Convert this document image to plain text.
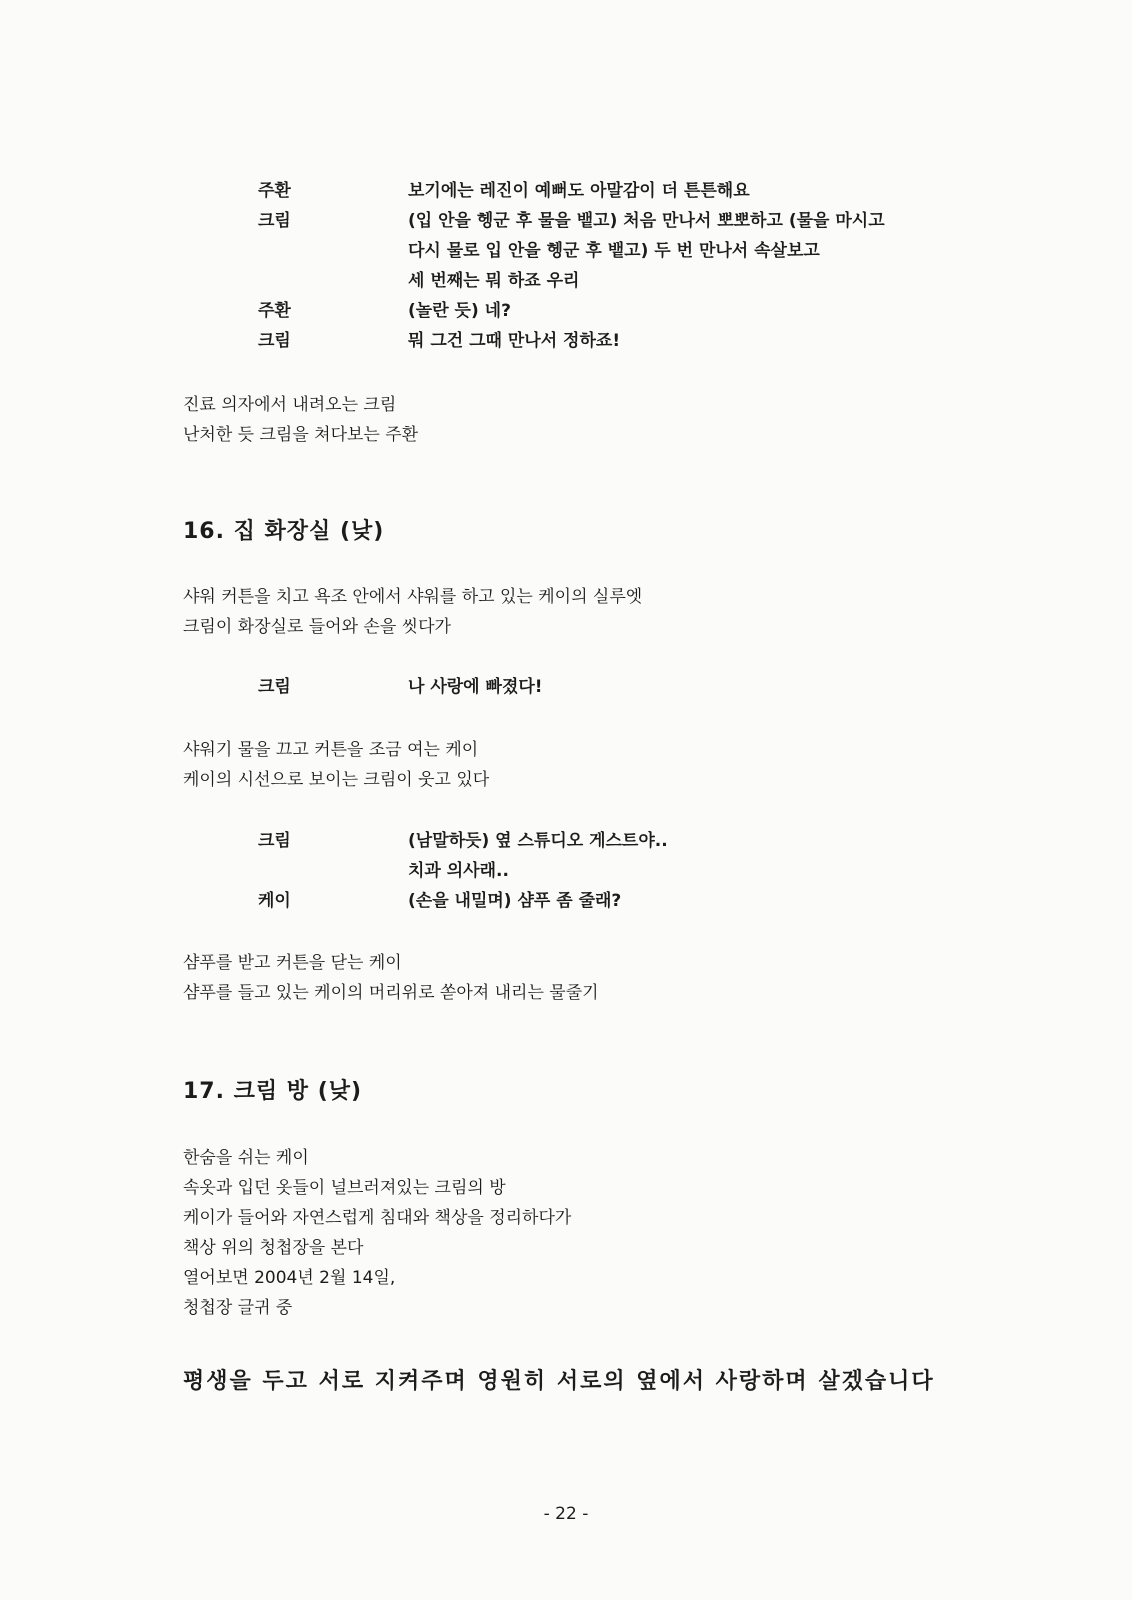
주환	보기에는 레진이 예뻐도 아말감이 더 튼튼해요
크림	(입 안을 헹군 후 물을 뱉고) 처음 만나서 뽀뽀하고 (물을 마시고
다시 물로 입 안을 헹군 후 뱉고) 두 번 만나서 속살보고
세 번째는 뭐 하죠 우리
주환	(놀란 듯) 네?
크림	뭐 그건 그때 만나서 정하죠!
진료 의자에서 내려오는 크림
난처한 듯 크림을 쳐다보는 주환
16. 집 화장실 (낮)
샤워 커튼을 치고 욕조 안에서 샤워를 하고 있는 케이의 실루엣
크림이 화장실로 들어와 손을 씻다가
크림	나 사랑에 빠졌다!
샤워기 물을 끄고 커튼을 조금 여는 케이
케이의 시선으로 보이는 크림이 웃고 있다
크림	(남말하듯) 옆 스튜디오 게스트야..
치과 의사래..
케이	(손을 내밀며) 샴푸 좀 줄래?
샴푸를 받고 커튼을 닫는 케이
샴푸를 들고 있는 케이의 머리위로 쏟아져 내리는 물줄기
17. 크림 방 (낮)
한숨을 쉬는 케이
속옷과 입던 옷들이 널브러져있는 크림의 방
케이가 들어와 자연스럽게 침대와 책상을 정리하다가
책상 위의 청첩장을 본다
열어보면 2004년 2월 14일,
청첩장 글귀 중
평생을 두고 서로 지켜주며 영원히 서로의 옆에서 사랑하며 살겠습니다
- 22 -
